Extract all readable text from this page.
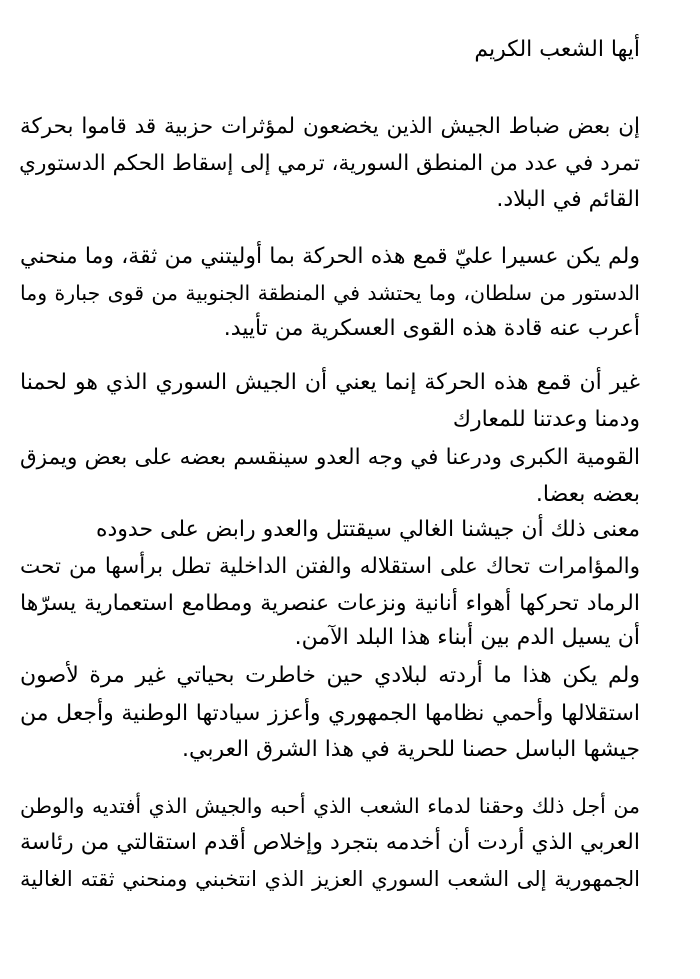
أيها الشعب الكريم
إن بعض ضباط الجيش الذين يخضعون لمؤثرات حزبية قد قاموا بحركة
تمرد في عدد من المنطق السورية، ترمي إلى إسقاط الحكم الدستوري
القائم في البلاد.
ولم يكن عسيرا عليّ قمع هذه الحركة بما أوليتني من ثقة، وما منحني
الدستور من سلطان، وما يحتشد في المنطقة الجنوبية من قوى جبارة وما
أعرب عنه قادة هذه القوى العسكرية من تأييد.
غير أن قمع هذه الحركة إنما يعني أن الجيش السوري الذي هو لحمنا
ودمنا وعدتنا للمعارك
القومية الكبرى ودرعنا في وجه العدو سينقسم بعضه على بعض ويمزق
بعضه بعضا.
معنى ذلك أن جيشنا الغالي سيقتتل والعدو رابض على حدوده
والمؤامرات تحاك على استقلاله والفتن الداخلية تطل برأسها من تحت
الرماد تحركها أهواء أنانية ونزعات عنصرية ومطامع استعمارية يسرّها
أن يسيل الدم بين أبناء هذا البلد الآمن.
ولم يكن هذا ما أردته لبلادي حين خاطرت بحياتي غير مرة لأصون
استقلالها وأحمي نظامها الجمهوري وأعزز سيادتها الوطنية وأجعل من
جيشها الباسل حصنا للحرية في هذا الشرق العربي.
من أجل ذلك وحقنا لدماء الشعب الذي أحبه والجيش الذي أفتديه والوطن
العربي الذي أردت أن أخدمه بتجرد وإخلاص أقدم استقالتي من رئاسة
الجمهورية إلى الشعب السوري العزيز الذي انتخبني ومنحني ثقته الغالية
